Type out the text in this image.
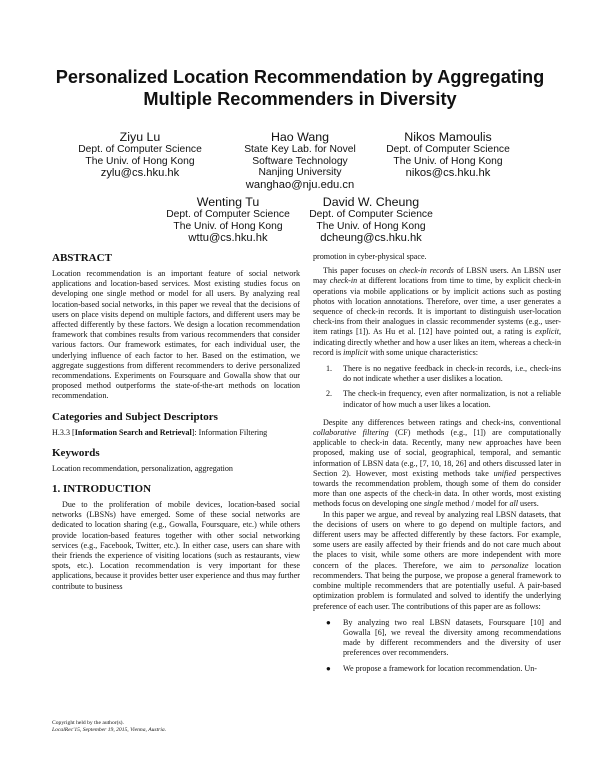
Personalized Location Recommendation by Aggregating
Multiple Recommenders in Diversity
Ziyu Lu
Dept. of Computer Science
The Univ. of Hong Kong
zylu@cs.hku.hk
Hao Wang
State Key Lab. for Novel
Software Technology
Nanjing University
wanghao@nju.edu.cn
Nikos Mamoulis
Dept. of Computer Science
The Univ. of Hong Kong
nikos@cs.hku.hk
Wenting Tu
Dept. of Computer Science
The Univ. of Hong Kong
wttu@cs.hku.hk
David W. Cheung
Dept. of Computer Science
The Univ. of Hong Kong
dcheung@cs.hku.hk
ABSTRACT

Location recommendation is an important feature of social network applications and location-based services. Most existing studies focus on developing one single method or model for all users. By analyzing real location-based social networks, in this paper we reveal that the decisions of users on place visits depend on multiple factors, and different users may be affected differently by these factors. We design a location recommendation framework that combines results from various recommenders that consider various factors. Our framework estimates, for each individual user, the underlying influence of each factor to her. Based on the estimation, we aggregate suggestions from different recommenders to derive personalized recommendations. Experiments on Foursquare and Gowalla show that our proposed method outperforms the state-of-the-art methods on location recommendation.

Categories and Subject Descriptors

H.3.3 [Information Search and Retrieval]: Information Filtering

Keywords

Location recommendation, personalization, aggregation

1. INTRODUCTION

Due to the proliferation of mobile devices, location-based social networks (LBSNs) have emerged. Some of these social networks are dedicated to location sharing (e.g., Gowalla, Foursquare, etc.) while others provide location-based features together with other social networking services (e.g., Facebook, Twitter, etc.). In either case, users can share with their friends the experience of visiting locations (such as restaurants, view spots, etc.). Location recommendation is very important for these applications, because it provides better user experience and thus may further contribute to business

Copyright held by the author(s).
LocalRec'15, September 19, 2015, Vienna, Austria.

promotion in cyber-physical space.

This paper focuses on check-in records of LBSN users. An LBSN user may check-in at different locations from time to time, by explicit check-in operations via mobile applications or by implicit actions such as posting photos with location annotations. Therefore, over time, a user generates a sequence of check-in records. It is important to distinguish user-location check-ins from their analogues in classic recommender systems (e.g., user-item ratings [1]). As Hu et al. [12] have pointed out, a rating is explicit, indicating directly whether and how a user likes an item, whereas a check-in record is implicit with some unique characteristics:

1. There is no negative feedback in check-in records, i.e., check-ins do not indicate whether a user dislikes a location.
2. The check-in frequency, even after normalization, is not a reliable indicator of how much a user likes a location.

Despite any differences between ratings and check-ins, conventional collaborative filtering (CF) methods (e.g., [1]) are computationally applicable to check-in data. Recently, many new approaches have been proposed, making use of social, geographical, temporal, and semantic information of LBSN data (e.g., [7, 10, 18, 26] and others discussed later in Section 2). However, most existing methods take unified perspectives towards the recommendation problem, though some of them do consider more than one aspects of the check-in data. In other words, most existing methods focus on developing one single method / model for all users.

In this paper we argue, and reveal by analyzing real LBSN datasets, that the decisions of users on where to go depend on multiple factors, and different users may be affected differently by these factors. For example, some users are easily affected by their friends and do not care much about the places to visit, while some others are more independent with more concern of the places. Therefore, we aim to personalize location recommenders. That being the purpose, we propose a general framework to combine multiple recommenders that are potentially useful. A pair-based optimization problem is formulated and solved to identify the underlying preference of each user. The contributions of this paper are as follows:

● By analyzing two real LBSN datasets, Foursquare [10] and Gowalla [6], we reveal the diversity among recommendations made by different recommenders and the diversity of user preferences over recommenders.
● We propose a framework for location recommendation. Un-
